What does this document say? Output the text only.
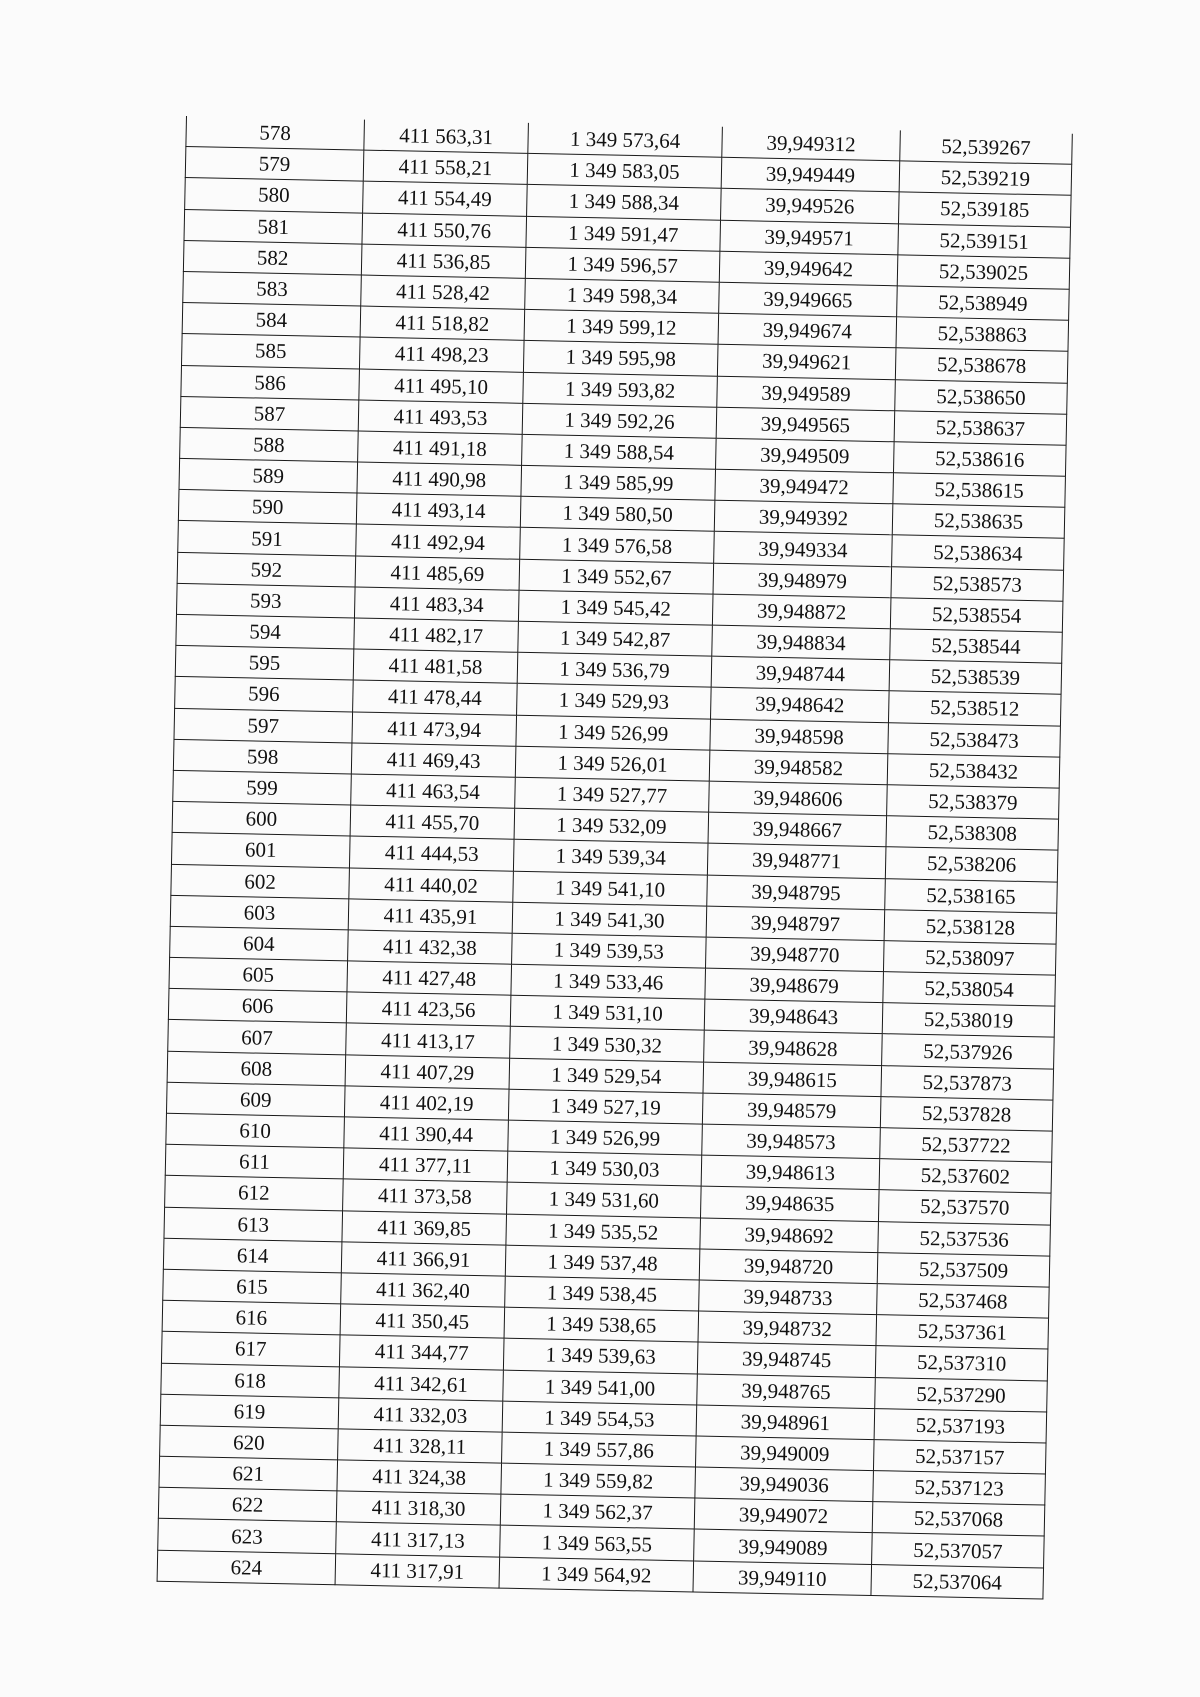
578	411 563,31	1 349 573,64	39,949312	52,539267
579	411 558,21	1 349 583,05	39,949449	52,539219
580	411 554,49	1 349 588,34	39,949526	52,539185
581	411 550,76	1 349 591,47	39,949571	52,539151
582	411 536,85	1 349 596,57	39,949642	52,539025
583	411 528,42	1 349 598,34	39,949665	52,538949
584	411 518,82	1 349 599,12	39,949674	52,538863
585	411 498,23	1 349 595,98	39,949621	52,538678
586	411 495,10	1 349 593,82	39,949589	52,538650
587	411 493,53	1 349 592,26	39,949565	52,538637
588	411 491,18	1 349 588,54	39,949509	52,538616
589	411 490,98	1 349 585,99	39,949472	52,538615
590	411 493,14	1 349 580,50	39,949392	52,538635
591	411 492,94	1 349 576,58	39,949334	52,538634
592	411 485,69	1 349 552,67	39,948979	52,538573
593	411 483,34	1 349 545,42	39,948872	52,538554
594	411 482,17	1 349 542,87	39,948834	52,538544
595	411 481,58	1 349 536,79	39,948744	52,538539
596	411 478,44	1 349 529,93	39,948642	52,538512
597	411 473,94	1 349 526,99	39,948598	52,538473
598	411 469,43	1 349 526,01	39,948582	52,538432
599	411 463,54	1 349 527,77	39,948606	52,538379
600	411 455,70	1 349 532,09	39,948667	52,538308
601	411 444,53	1 349 539,34	39,948771	52,538206
602	411 440,02	1 349 541,10	39,948795	52,538165
603	411 435,91	1 349 541,30	39,948797	52,538128
604	411 432,38	1 349 539,53	39,948770	52,538097
605	411 427,48	1 349 533,46	39,948679	52,538054
606	411 423,56	1 349 531,10	39,948643	52,538019
607	411 413,17	1 349 530,32	39,948628	52,537926
608	411 407,29	1 349 529,54	39,948615	52,537873
609	411 402,19	1 349 527,19	39,948579	52,537828
610	411 390,44	1 349 526,99	39,948573	52,537722
611	411 377,11	1 349 530,03	39,948613	52,537602
612	411 373,58	1 349 531,60	39,948635	52,537570
613	411 369,85	1 349 535,52	39,948692	52,537536
614	411 366,91	1 349 537,48	39,948720	52,537509
615	411 362,40	1 349 538,45	39,948733	52,537468
616	411 350,45	1 349 538,65	39,948732	52,537361
617	411 344,77	1 349 539,63	39,948745	52,537310
618	411 342,61	1 349 541,00	39,948765	52,537290
619	411 332,03	1 349 554,53	39,948961	52,537193
620	411 328,11	1 349 557,86	39,949009	52,537157
621	411 324,38	1 349 559,82	39,949036	52,537123
622	411 318,30	1 349 562,37	39,949072	52,537068
623	411 317,13	1 349 563,55	39,949089	52,537057
624	411 317,91	1 349 564,92	39,949110	52,537064
